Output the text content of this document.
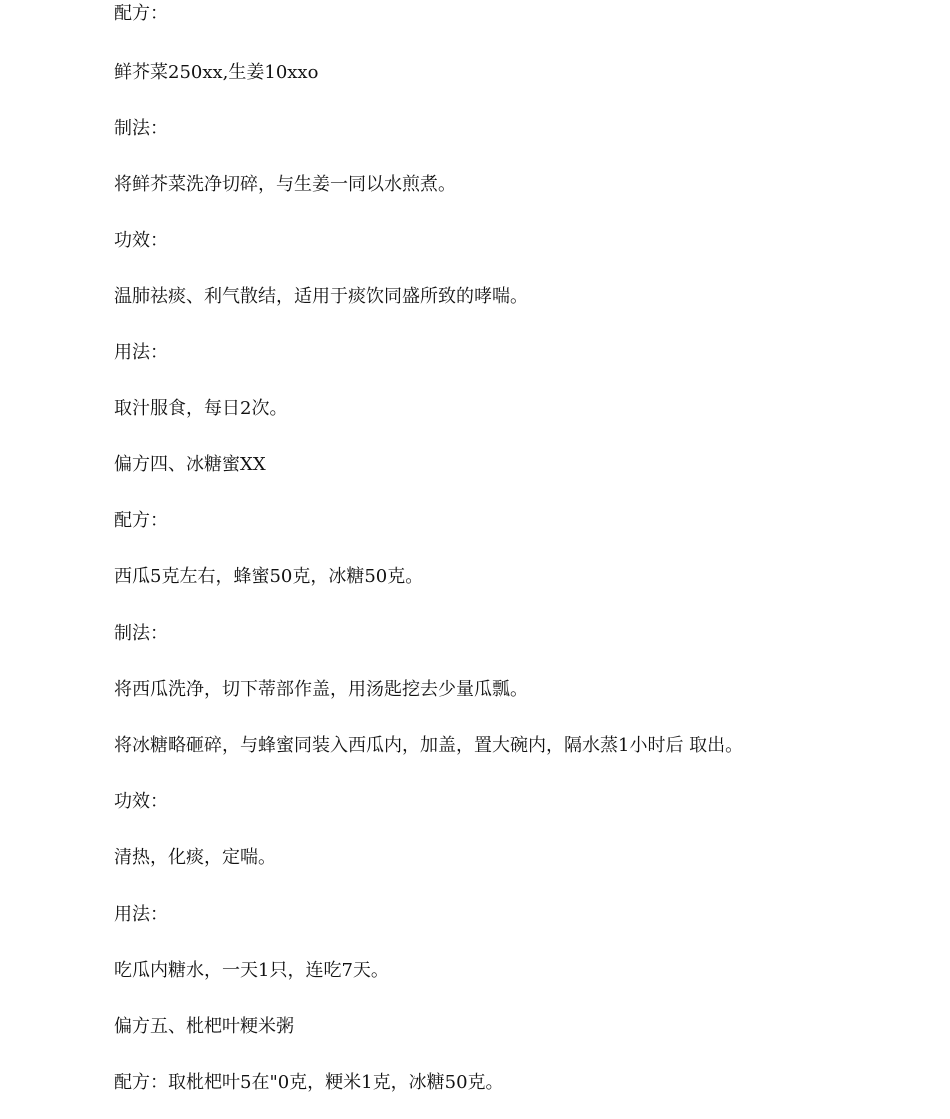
配方：

鲜芥菜250xx,生姜10xxo

制法：

将鲜芥菜洗净切碎，与生姜一同以水煎煮。

功效：

温肺祛痰、利气散结，适用于痰饮同盛所致的哮喘。

用法：

取汁服食，每日2次。

偏方四、冰糖蜜XX

配方：

西瓜5克左右，蜂蜜50克，冰糖50克。

制法：

将西瓜洗净，切下蒂部作盖，用汤匙挖去少量瓜瓢。

将冰糖略砸碎，与蜂蜜同装入西瓜内，加盖，置大碗内，隔水蒸1小时后 取出。

功效：

清热，化痰，定喘。

用法：

吃瓜内糖水，一天1只，连吃7天。

偏方五、枇杷叶粳米粥

配方：取枇杷叶5在"0克，粳米1克，冰糖50克。
